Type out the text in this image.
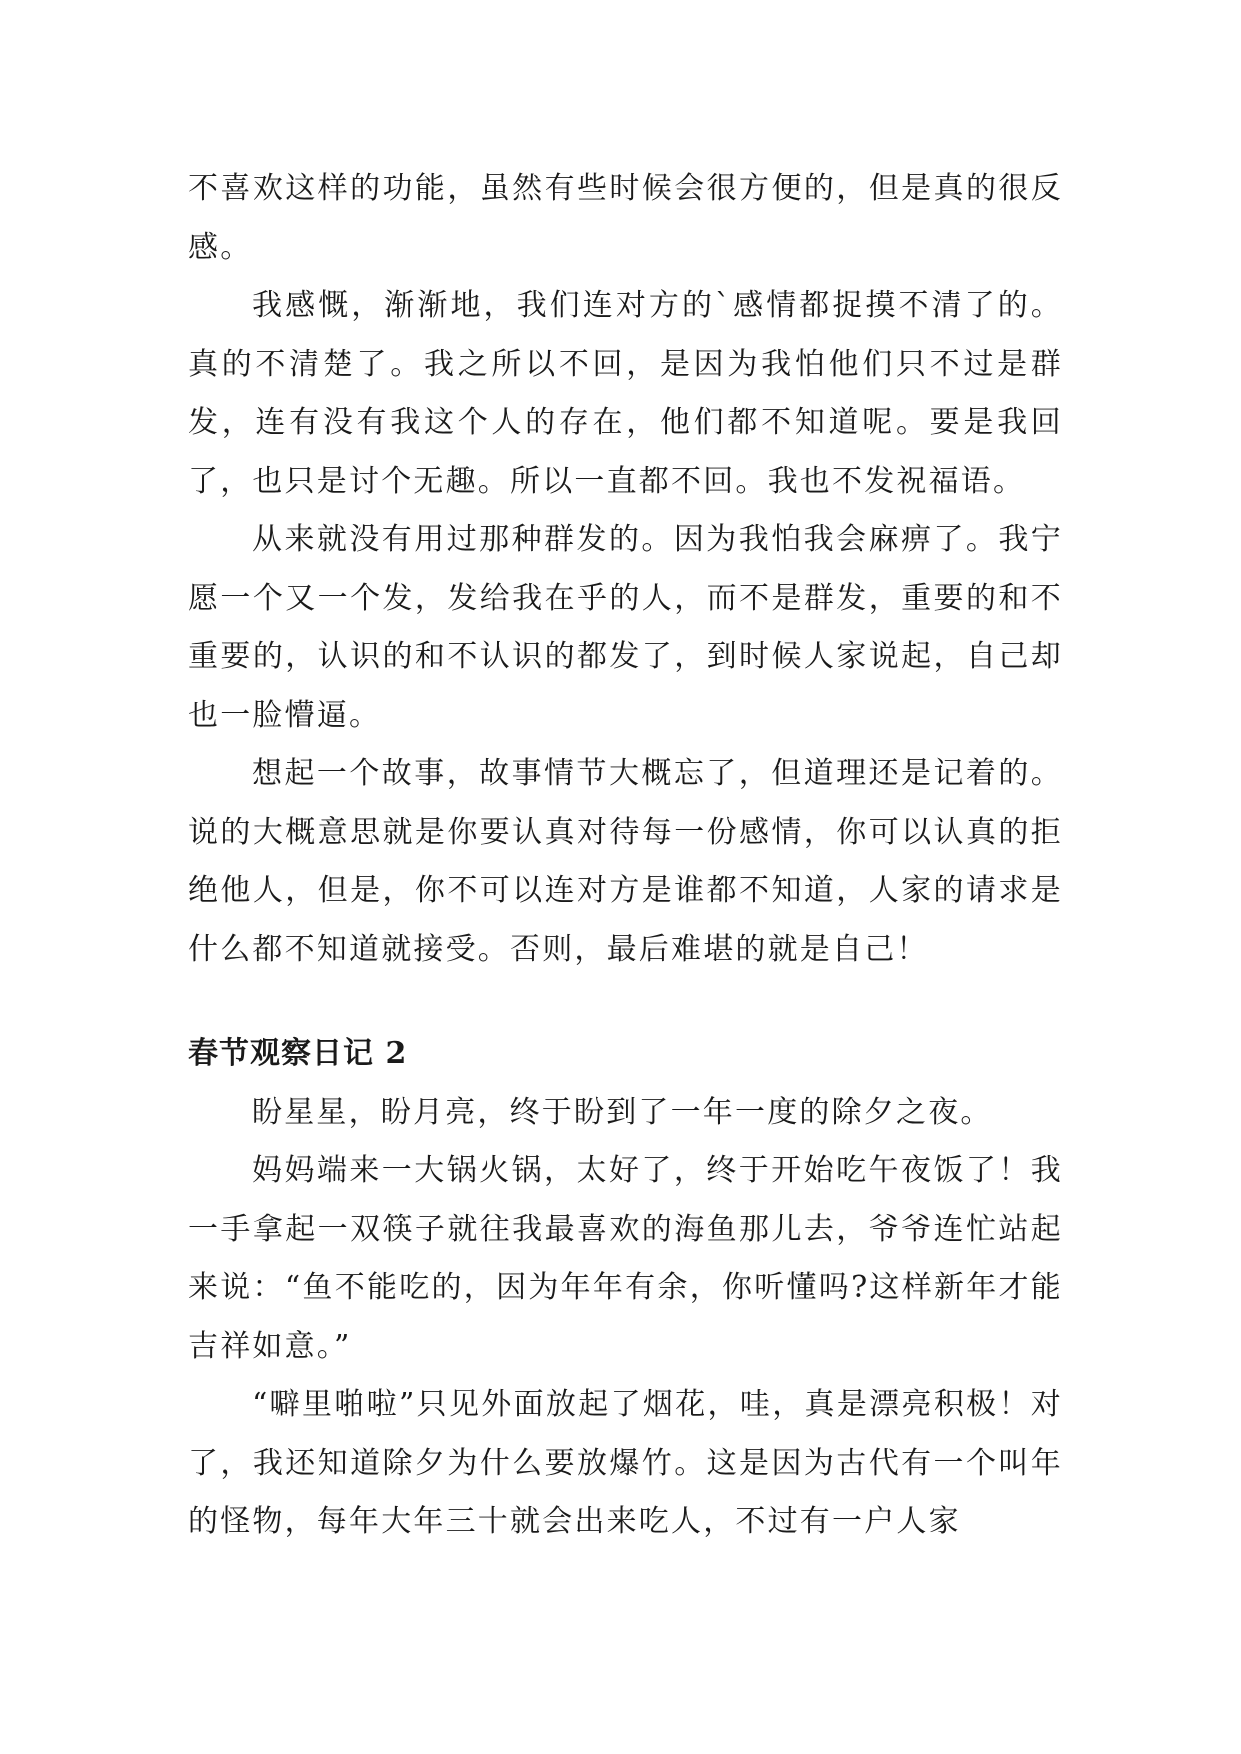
不喜欢这样的功能，虽然有些时候会很方便的，但是真的很反感。

我感慨，渐渐地，我们连对方的`感情都捉摸不清了的。真的不清楚了。我之所以不回，是因为我怕他们只不过是群发，连有没有我这个人的存在，他们都不知道呢。要是我回了，也只是讨个无趣。所以一直都不回。我也不发祝福语。

从来就没有用过那种群发的。因为我怕我会麻痹了。我宁愿一个又一个发，发给我在乎的人，而不是群发，重要的和不重要的，认识的和不认识的都发了，到时候人家说起，自己却也一脸懵逼。

想起一个故事，故事情节大概忘了，但道理还是记着的。说的大概意思就是你要认真对待每一份感情，你可以认真的拒绝他人，但是，你不可以连对方是谁都不知道，人家的请求是什么都不知道就接受。否则，最后难堪的就是自己！

春节观察日记 2

盼星星，盼月亮，终于盼到了一年一度的除夕之夜。

妈妈端来一大锅火锅，太好了，终于开始吃午夜饭了！我一手拿起一双筷子就往我最喜欢的海鱼那儿去，爷爷连忙站起来说：“鱼不能吃的，因为年年有余，你听懂吗?这样新年才能吉祥如意。”

“噼里啪啦”只见外面放起了烟花，哇，真是漂亮积极！对了，我还知道除夕为什么要放爆竹。这是因为古代有一个叫年的怪物，每年大年三十就会出来吃人，不过有一户人家
